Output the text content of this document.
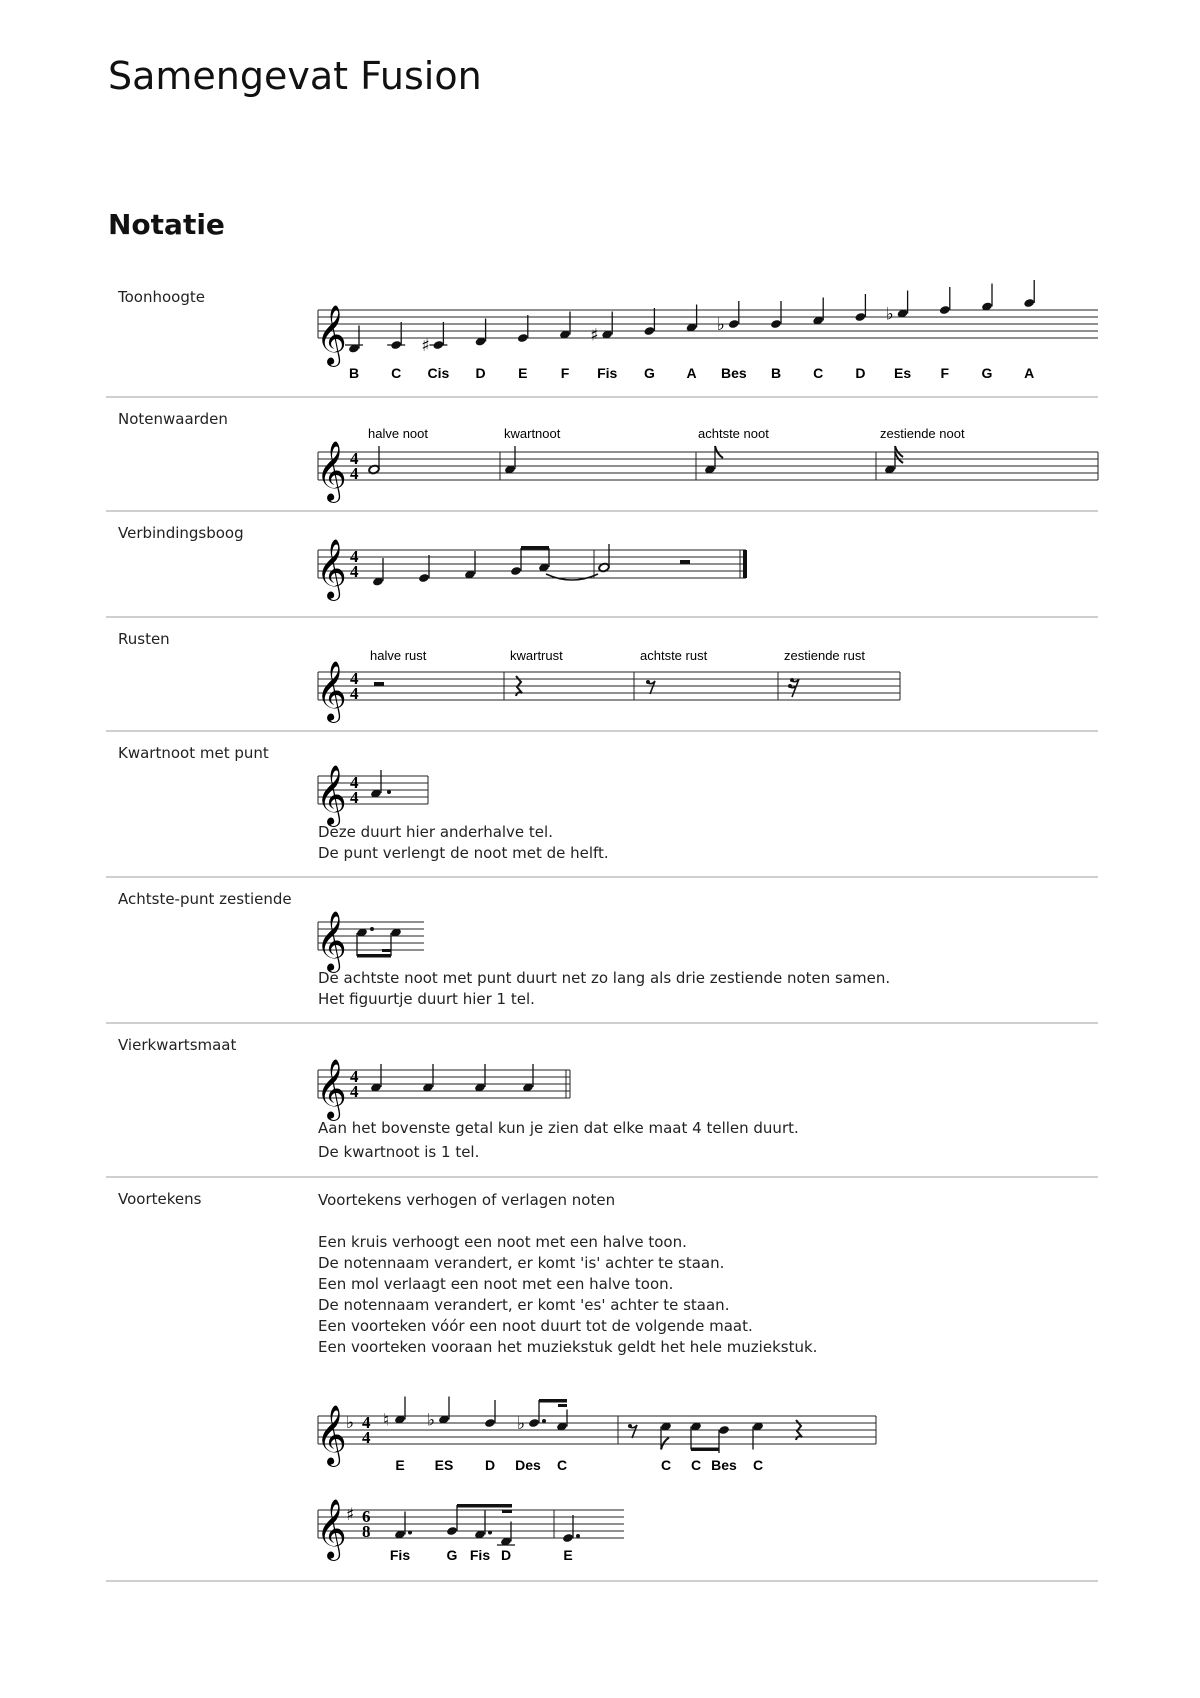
Samengevat Fusion
Notatie
Toonhoogte
𝄞
B C
♯
Cis D E F
♯
Fis G A
♭
Bes B C D
♭
Es F G A
Notenwaarden
𝄞 4
4
halve noot	kwartnoot	achtste noot	zestiende noot
Verbindingsboog
𝄞 4
4
Rusten
𝄞 4
4
halve rust	kwartrust	achtste rust	zestiende rust
Kwartnoot met punt
𝄞 4
4
Deze duurt hier anderhalve tel.
De punt verlengt de noot met de helft.
Achtste-punt zestiende
𝄞
De achtste noot met punt duurt net zo lang als drie zestiende noten samen.
Het figuurtje duurt hier 1 tel.
Vierkwartsmaat
𝄞 4
4
Aan het bovenste getal kun je zien dat elke maat 4 tellen duurt.
De kwartnoot is 1 tel.
Voortekens	Voortekens verhogen of verlagen noten
Een kruis verhoogt een noot met een halve toon.
De notennaam verandert, er komt 'is' achter te staan.
Een mol verlaagt een noot met een halve toon.
De notennaam verandert, er komt 'es' achter te staan.
Een voorteken vóór een noot duurt tot de volgende maat.
Een voorteken vooraan het muziekstuk geldt het hele muziekstuk.
𝄞 ♭ 4
4
♮ ♭	♭
E ES D Des C	C C Bes C
𝄞 ♯ 6
8
Fis	G Fis D	E
